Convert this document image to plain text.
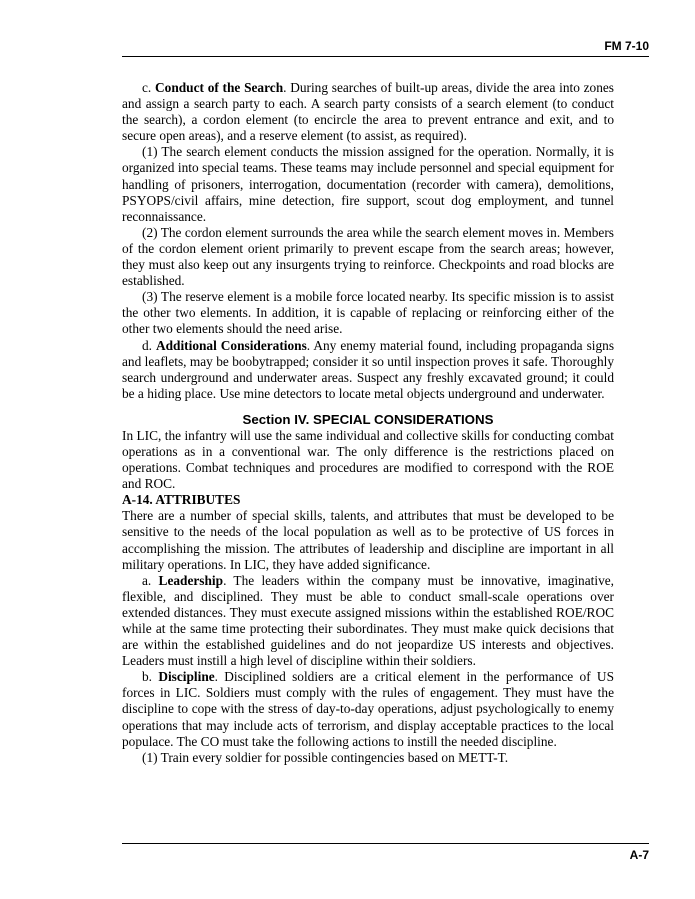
FM 7-10

c. Conduct of the Search. During searches of built-up areas, divide the area into zones and assign a search party to each. A search party consists of a search element (to conduct the search), a cordon element (to encircle the area to prevent entrance and exit, and to secure open areas), and a reserve element (to assist, as required).

(1) The search element conducts the mission assigned for the operation. Normally, it is organized into special teams. These teams may include personnel and special equipment for handling of prisoners, interrogation, documentation (recorder with camera), demolitions, PSYOPS/civil affairs, mine detection, fire support, scout dog employment, and tunnel reconnaissance.

(2) The cordon element surrounds the area while the search element moves in. Members of the cordon element orient primarily to prevent escape from the search areas; however, they must also keep out any insurgents trying to reinforce. Checkpoints and road blocks are established.

(3) The reserve element is a mobile force located nearby. Its specific mission is to assist the other two elements. In addition, it is capable of replacing or reinforcing either of the other two elements should the need arise.

d. Additional Considerations. Any enemy material found, including propaganda signs and leaflets, may be boobytrapped; consider it so until inspection proves it safe. Thoroughly search underground and underwater areas. Suspect any freshly excavated ground; it could be a hiding place. Use mine detectors to locate metal objects underground and underwater.

Section IV. SPECIAL CONSIDERATIONS

In LIC, the infantry will use the same individual and collective skills for conducting combat operations as in a conventional war. The only difference is the restrictions placed on operations. Combat techniques and procedures are modified to correspond with the ROE and ROC.

A-14. ATTRIBUTES

There are a number of special skills, talents, and attributes that must be developed to be sensitive to the needs of the local population as well as to be protective of US forces in accomplishing the mission. The attributes of leadership and discipline are important in all military operations. In LIC, they have added significance.

a. Leadership. The leaders within the company must be innovative, imaginative, flexible, and disciplined. They must be able to conduct small-scale operations over extended distances. They must execute assigned missions within the established ROE/ROC while at the same time protecting their subordinates. They must make quick decisions that are within the established guidelines and do not jeopardize US interests and objectives. Leaders must instill a high level of discipline within their soldiers.

b. Discipline. Disciplined soldiers are a critical element in the performance of US forces in LIC. Soldiers must comply with the rules of engagement. They must have the discipline to cope with the stress of day-to-day operations, adjust psychologically to enemy operations that may include acts of terrorism, and display acceptable practices to the local populace. The CO must take the following actions to instill the needed discipline.

(1) Train every soldier for possible contingencies based on METT-T.

A-7
